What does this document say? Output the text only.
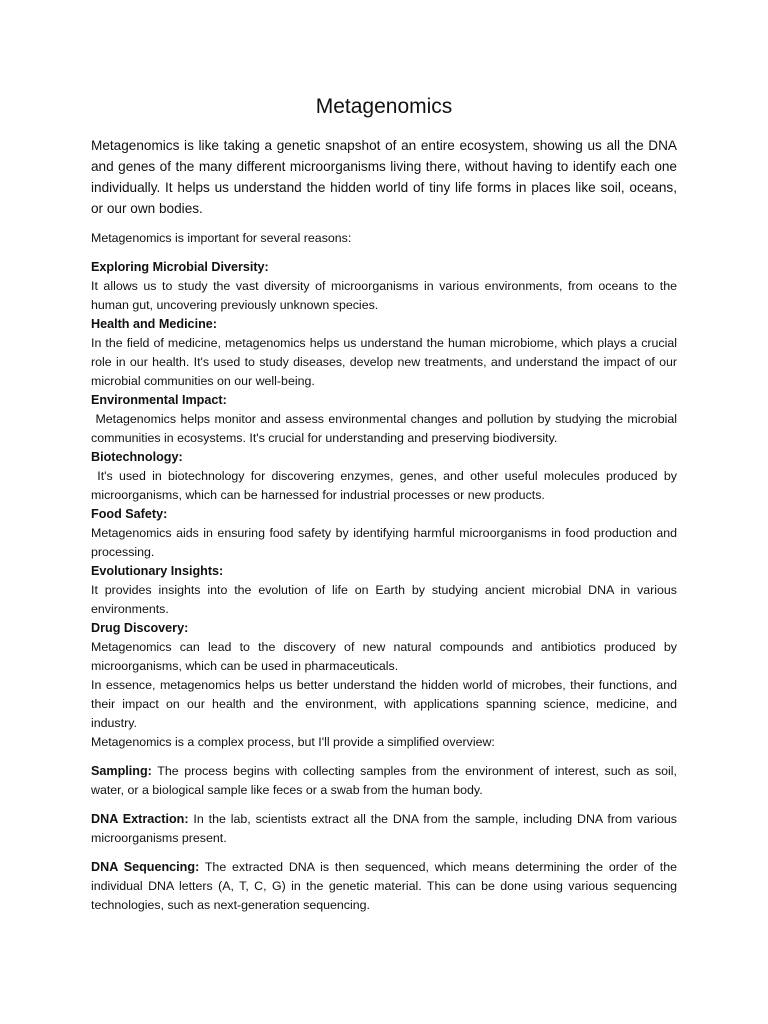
Metagenomics

Metagenomics is like taking a genetic snapshot of an entire ecosystem, showing us all the DNA and genes of the many different microorganisms living there, without having to identify each one individually. It helps us understand the hidden world of tiny life forms in places like soil, oceans, or our own bodies.

Metagenomics is important for several reasons:

Exploring Microbial Diversity:

It allows us to study the vast diversity of microorganisms in various environments, from oceans to the human gut, uncovering previously unknown species.

Health and Medicine:

In the field of medicine, metagenomics helps us understand the human microbiome, which plays a crucial role in our health. It's used to study diseases, develop new treatments, and understand the impact of our microbial communities on our well-being.

Environmental Impact:

Metagenomics helps monitor and assess environmental changes and pollution by studying the microbial communities in ecosystems. It's crucial for understanding and preserving biodiversity.

Biotechnology:

It's used in biotechnology for discovering enzymes, genes, and other useful molecules produced by microorganisms, which can be harnessed for industrial processes or new products.

Food Safety:

Metagenomics aids in ensuring food safety by identifying harmful microorganisms in food production and processing.

Evolutionary Insights:

It provides insights into the evolution of life on Earth by studying ancient microbial DNA in various environments.

Drug Discovery:

Metagenomics can lead to the discovery of new natural compounds and antibiotics produced by microorganisms, which can be used in pharmaceuticals.

In essence, metagenomics helps us better understand the hidden world of microbes, their functions, and their impact on our health and the environment, with applications spanning science, medicine, and industry.

Metagenomics is a complex process, but I'll provide a simplified overview:

Sampling: The process begins with collecting samples from the environment of interest, such as soil, water, or a biological sample like feces or a swab from the human body.

DNA Extraction: In the lab, scientists extract all the DNA from the sample, including DNA from various microorganisms present.

DNA Sequencing: The extracted DNA is then sequenced, which means determining the order of the individual DNA letters (A, T, C, G) in the genetic material. This can be done using various sequencing technologies, such as next-generation sequencing.
